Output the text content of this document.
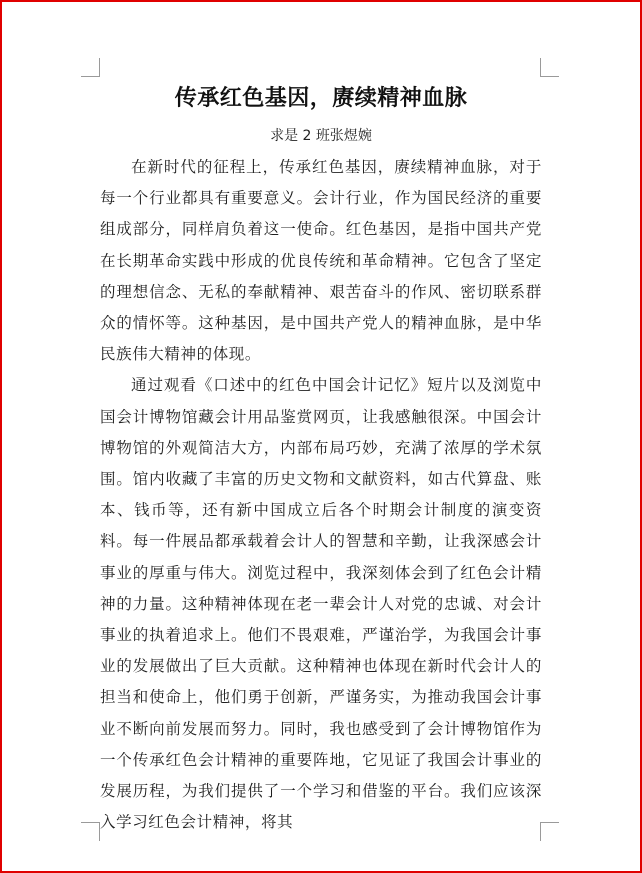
传承红色基因，赓续精神血脉
求是 2 班张煜婉

在新时代的征程上，传承红色基因，赓续精神血脉，对于每一个行业都具有重要意义。会计行业，作为国民经济的重要组成部分，同样肩负着这一使命。红色基因，是指中国共产党在长期革命实践中形成的优良传统和革命精神。它包含了坚定的理想信念、无私的奉献精神、艰苦奋斗的作风、密切联系群众的情怀等。这种基因，是中国共产党人的精神血脉，是中华民族伟大精神的体现。

通过观看《口述中的红色中国会计记忆》短片以及浏览中国会计博物馆藏会计用品鉴赏网页，让我感触很深。中国会计博物馆的外观简洁大方，内部布局巧妙，充满了浓厚的学术氛围。馆内收藏了丰富的历史文物和文献资料，如古代算盘、账本、钱币等，还有新中国成立后各个时期会计制度的演变资料。每一件展品都承载着会计人的智慧和辛勤，让我深感会计事业的厚重与伟大。浏览过程中，我深刻体会到了红色会计精神的力量。这种精神体现在老一辈会计人对党的忠诚、对会计事业的执着追求上。他们不畏艰难，严谨治学，为我国会计事业的发展做出了巨大贡献。这种精神也体现在新时代会计人的担当和使命上，他们勇于创新，严谨务实，为推动我国会计事业不断向前发展而努力。同时，我也感受到了会计博物馆作为一个传承红色会计精神的重要阵地，它见证了我国会计事业的发展历程，为我们提供了一个学习和借鉴的平台。我们应该深入学习红色会计精神，将其
